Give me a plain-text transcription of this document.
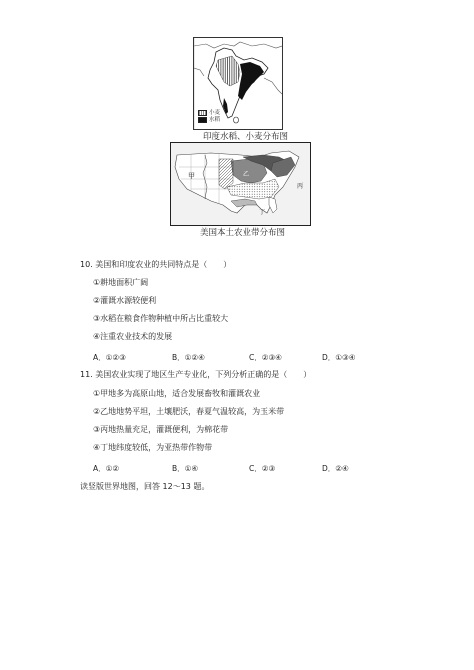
小麦
水稻
印度水稻、小麦分布图
甲	乙
丙
丁
美国本土农业带分布图
10. 美国和印度农业的共同特点是（　　）
①耕地面积广阔
②灌溉水源较便利
③水稻在粮食作物种植中所占比重较大
④注重农业技术的发展
A．①②③	B．①②④	C．②③④	D．①③④
11. 美国农业实现了地区生产专业化，下列分析正确的是（　　）
①甲地多为高原山地，适合发展畜牧和灌溉农业
②乙地地势平坦，土壤肥沃，春夏气温较高，为玉米带
③丙地热量充足，灌溉便利，为棉花带
④丁地纬度较低，为亚热带作物带
A．①②	B．①④	C．②③	D．②④
读竖版世界地图，回答 12～13 题。
